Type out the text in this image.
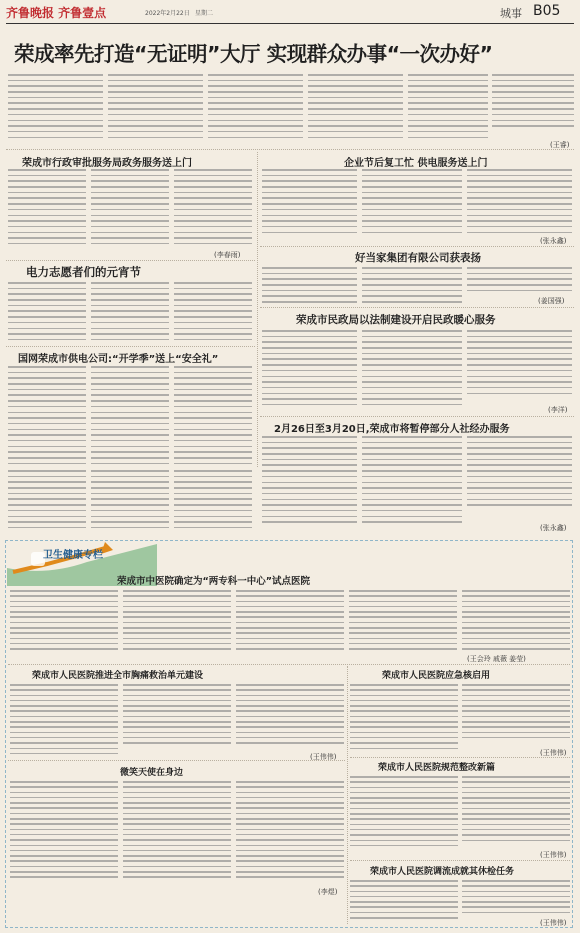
齐鲁晚报 齐鲁壹点	2022年2月22日 星期二	城事 B05
荣成率先打造“无证明”大厅 实现群众办事“一次办好”
(王睿)
荣成市行政审批服务局政务服务送上门
(李春雨)
电力志愿者们的元宵节
国网荣成市供电公司:“开学季”送上“安全礼”
企业节后复工忙 供电服务送上门
(张永鑫)
好当家集团有限公司获表扬
(姜国强)
荣成市民政局以法制建设开启民政暖心服务
(李洋)
2月26日至3月20日,荣成市将暂停部分人社经办服务
(张永鑫)
卫生健康专栏
荣成市中医院确定为“两专科一中心”试点医院
(王会玲 戚薇 姜莹)
荣成市人民医院推进全市胸痛救治单元建设
(王伟伟)
荣成市人民医院应急核启用
(王伟伟)
微笑天使在身边
(李煜)
荣成市人民医院规范整改新篇
(王伟伟)
荣成市人民医院调流成就其休检任务
(王伟伟)
